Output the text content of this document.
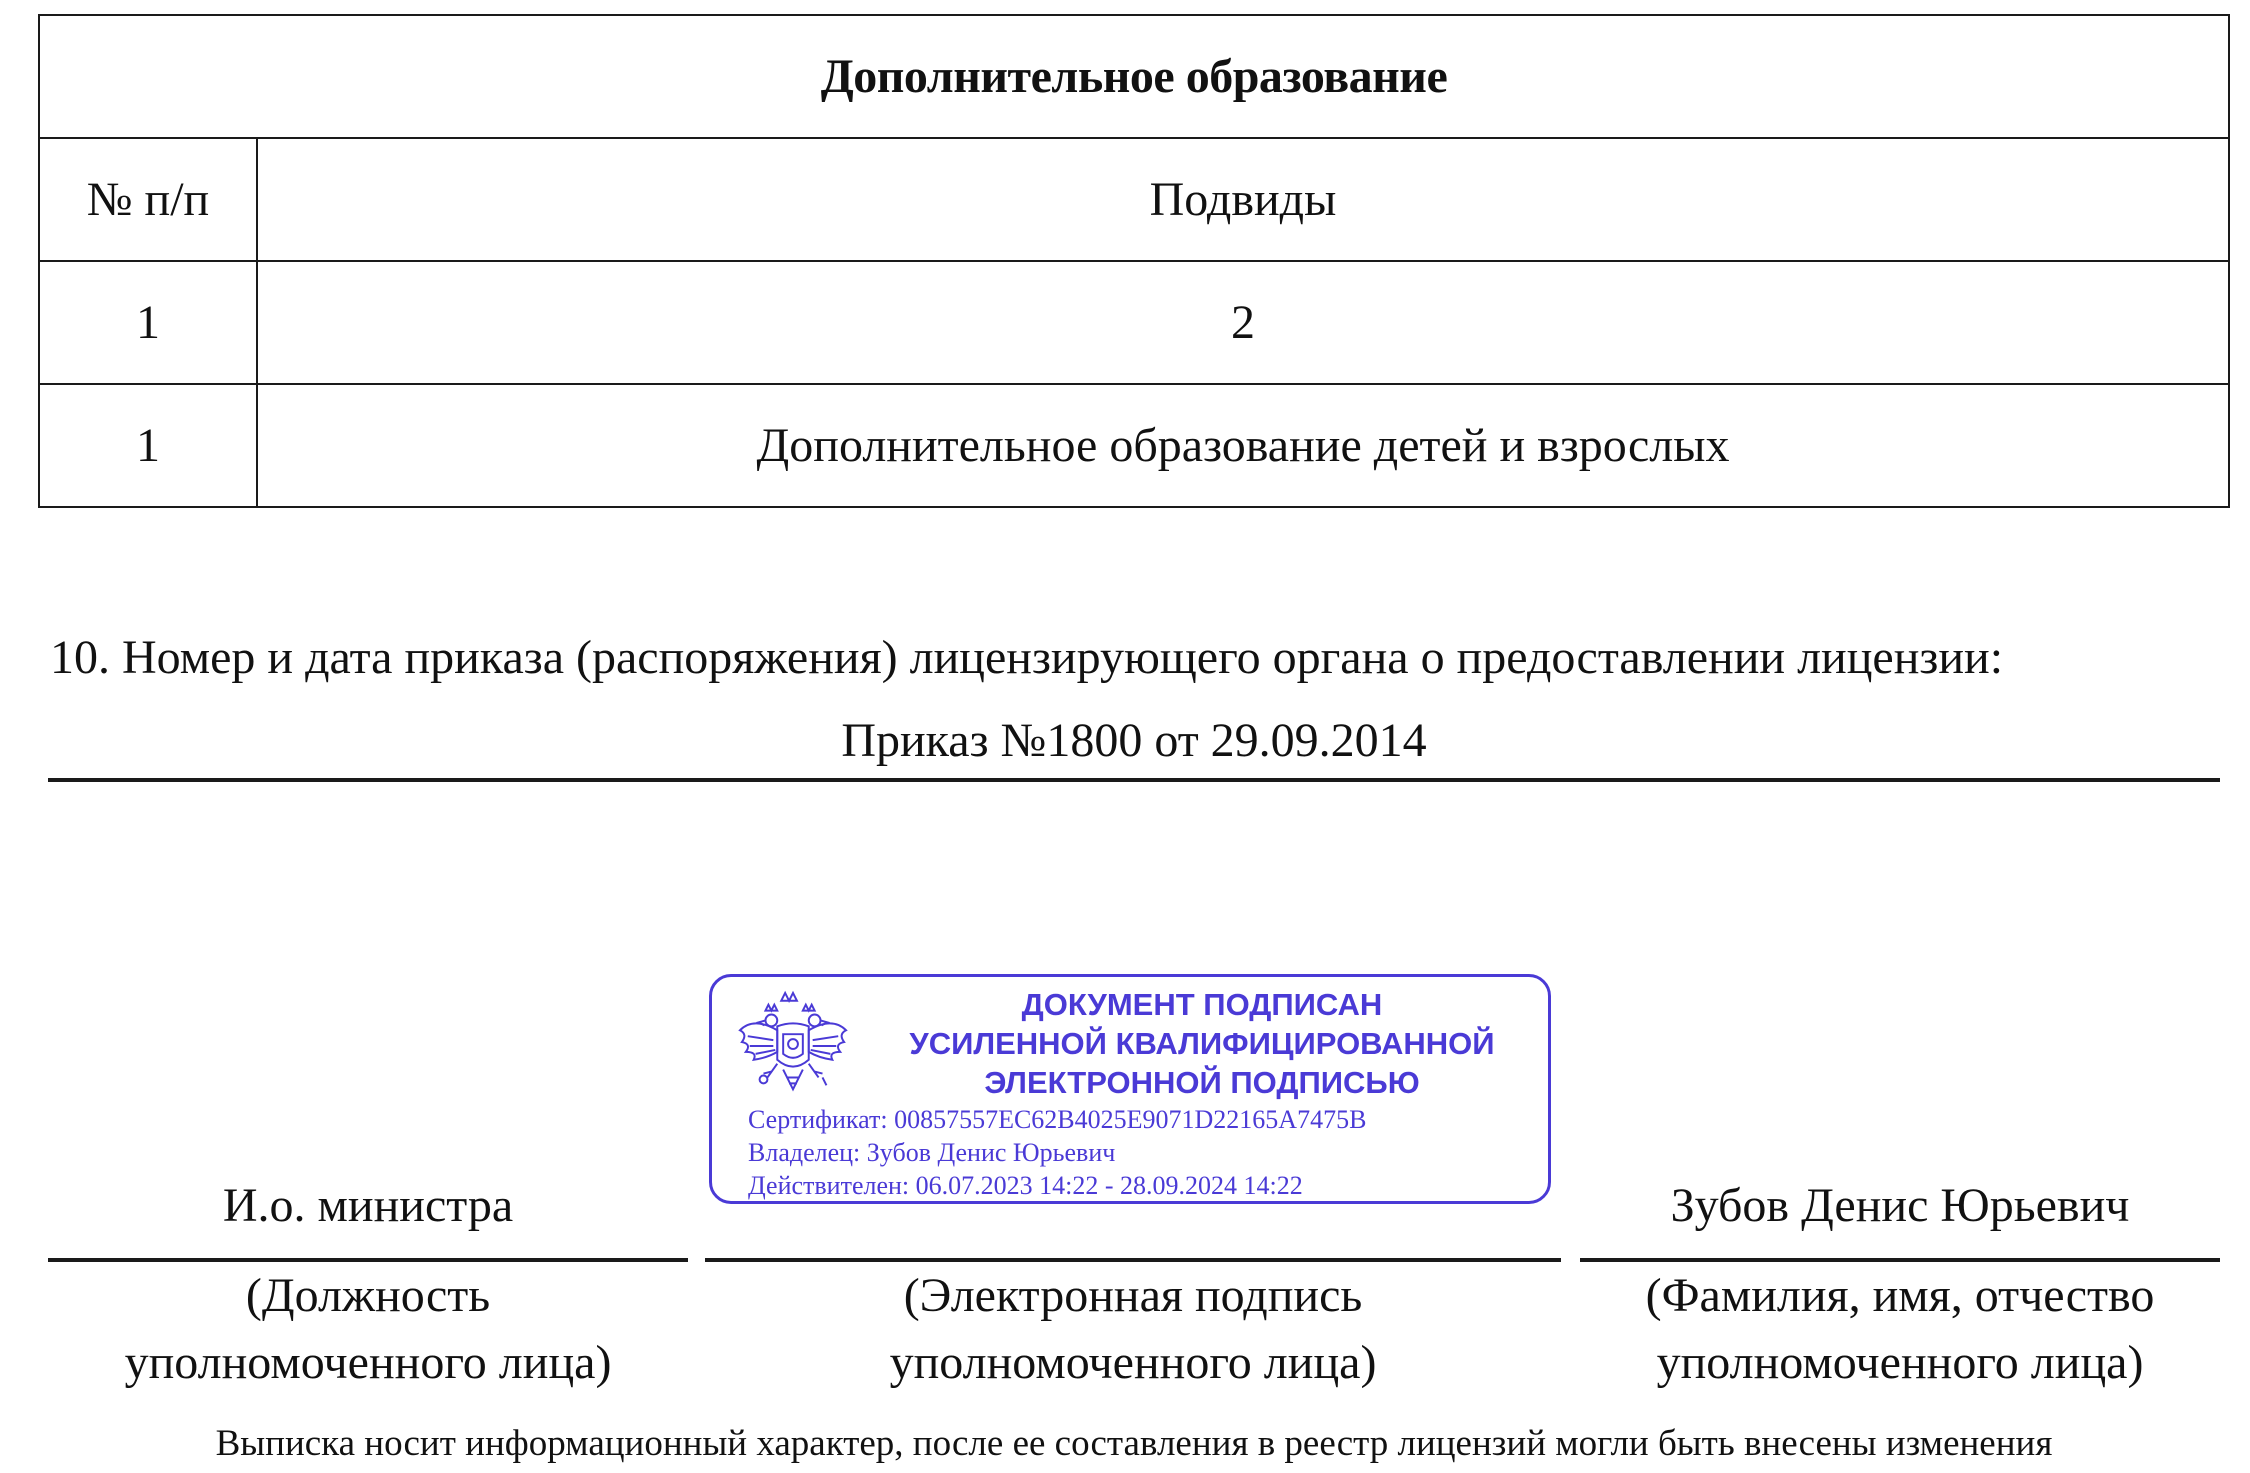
Дополнительное образование	
№ п/п	Подвиды
1	2
1	Дополнительное образование детей и взрослых
10. Номер и дата приказа (распоряжения) лицензирующего органа о предоставлении лицензии:
Приказ №1800 от 29.09.2014
ДОКУМЕНТ ПОДПИСАН
УСИЛЕННОЙ КВАЛИФИЦИРОВАННОЙ
ЭЛЕКТРОННОЙ ПОДПИСЬЮ
Сертификат: 00857557EC62B4025E9071D22165A7475B
Владелец: Зубов Денис Юрьевич
Действителен: 06.07.2023 14:22 - 28.09.2024 14:22
И.о. министра	Зубов Денис Юрьевич
(Должность
уполномоченного лица)
(Электронная подпись
уполномоченного лица)
(Фамилия, имя, отчество
уполномоченного лица)
Выписка носит информационный характер, после ее составления в реестр лицензий могли быть внесены изменения
